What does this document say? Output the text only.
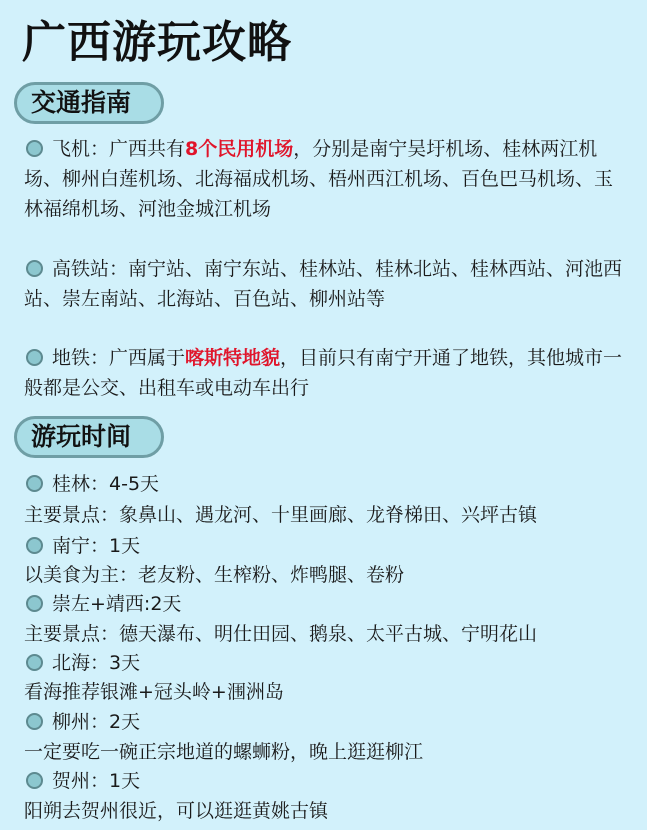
广西游玩攻略
交通指南
飞机：广西共有8个民用机场，分别是南宁吴圩机场、桂林两江机场、柳州白莲机场、北海福成机场、梧州西江机场、百色巴马机场、玉林福绵机场、河池金城江机场
高铁站：南宁站、南宁东站、桂林站、桂林北站、桂林西站、河池西站、崇左南站、北海站、百色站、柳州站等
地铁：广西属于喀斯特地貌，目前只有南宁开通了地铁，其他城市一般都是公交、出租车或电动车出行
游玩时间
桂林：4-5天
主要景点：象鼻山、遇龙河、十里画廊、龙脊梯田、兴坪古镇
南宁：1天
以美食为主：老友粉、生榨粉、炸鸭腿、卷粉
崇左+靖西:2天
主要景点：德天瀑布、明仕田园、鹅泉、太平古城、宁明花山
北海：3天
看海推荐银滩+冠头岭+涠洲岛
柳州：2天
一定要吃一碗正宗地道的螺蛳粉，晚上逛逛柳江
贺州：1天
阳朔去贺州很近，可以逛逛黄姚古镇
